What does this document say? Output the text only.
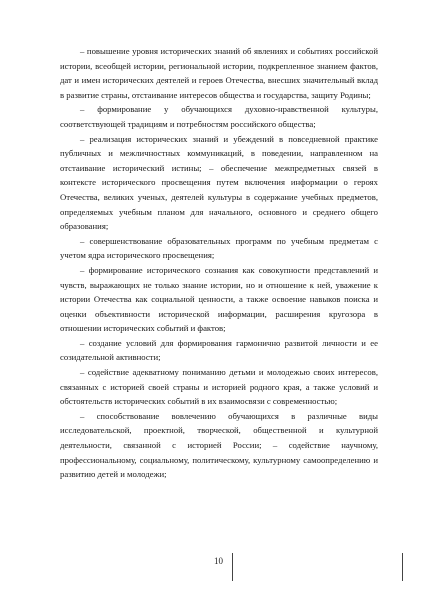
– повышение уровня исторических знаний об явлениях и событиях российской истории, всеобщей истории, региональной истории, подкрепленное знанием фактов, дат и имен исторических деятелей и героев Отечества, внесших значительный вклад в развитие страны, отстаивание интересов общества и государства, защиту Родины;

– формирование у обучающихся духовно-нравственной культуры, соответствующей традициям и потребностям российского общества;

– реализация исторических знаний и убеждений в повседневной практике публичных и межличностных коммуникаций, в поведении, направленном на отстаивание исторический истины; – обеспечение межпредметных связей в контексте исторического просвещения путем включения информации о героях Отечества, великих ученых, деятелей культуры в содержание учебных предметов, определяемых учебным планом для начального, основного и среднего общего образования;

– совершенствование образовательных программ по учебным предметам с учетом ядра исторического просвещения;

– формирование исторического сознания как совокупности представлений и чувств, выражающих не только знание истории, но и отношение к ней, уважение к истории Отечества как социальной ценности, а также освоение навыков поиска и оценки объективности исторической информации, расширения кругозора в отношении исторических событий и фактов;

– создание условий для формирования гармонично развитой личности и ее созидательной активности;

– содействие адекватному пониманию детьми и молодежью своих интересов, связанных с историей своей страны и историей родного края, а также условий и обстоятельств исторических событий в их взаимосвязи с современностью;

– способствование вовлечению обучающихся в различные виды исследовательской, проектной, творческой, общественной и культурной деятельности, связанной с историей России; – содействие научному, профессиональному, социальному, политическому, культурному самоопределению и развитию детей и молодежи;

10
